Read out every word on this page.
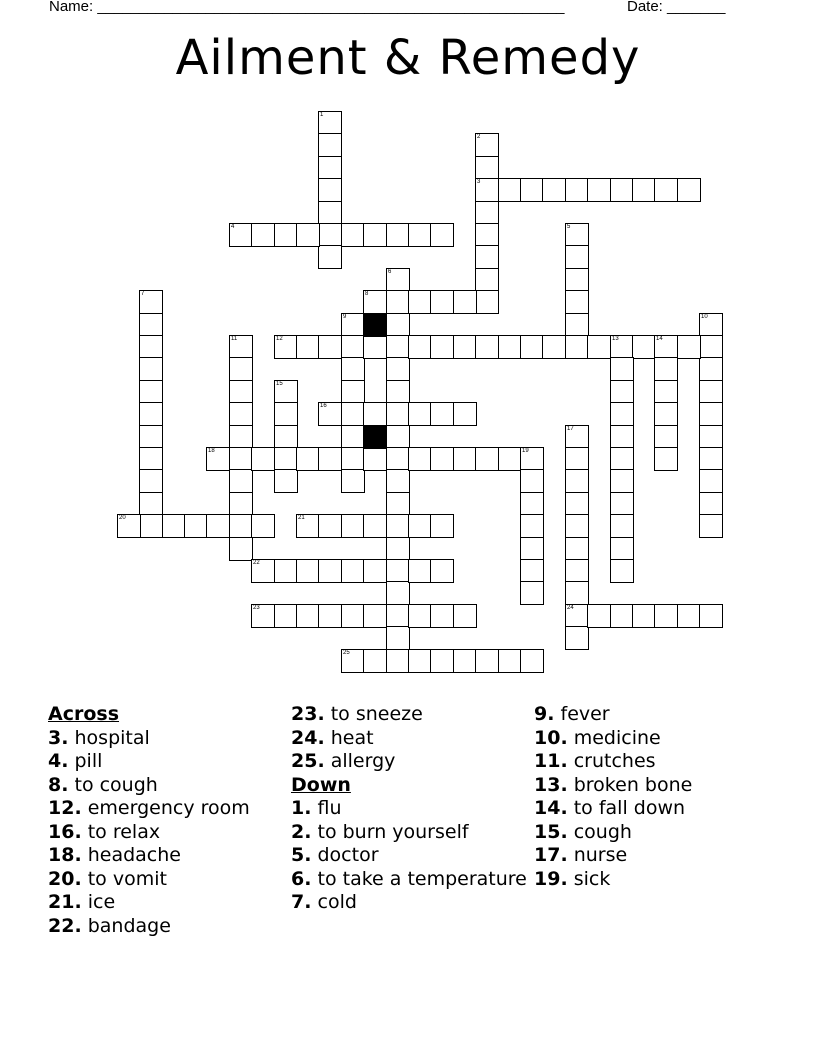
Name: ________________________________________________________	Date: _______
Ailment & Remedy
1
2
3
4	5
6
7	8
9	10
11	12	13	14
15
16
17
24
18	19
20	21
22
23
25
Across
3. hospital
4. pill
8. to cough
12. emergency room
16. to relax
18. headache
20. to vomit
21. ice
22. bandage
23. to sneeze
24. heat
25. allergy
Down
1. flu
2. to burn yourself
5. doctor
6. to take a temperature
7. cold
9. fever
10. medicine
11. crutches
13. broken bone
14. to fall down
15. cough
17. nurse
19. sick
